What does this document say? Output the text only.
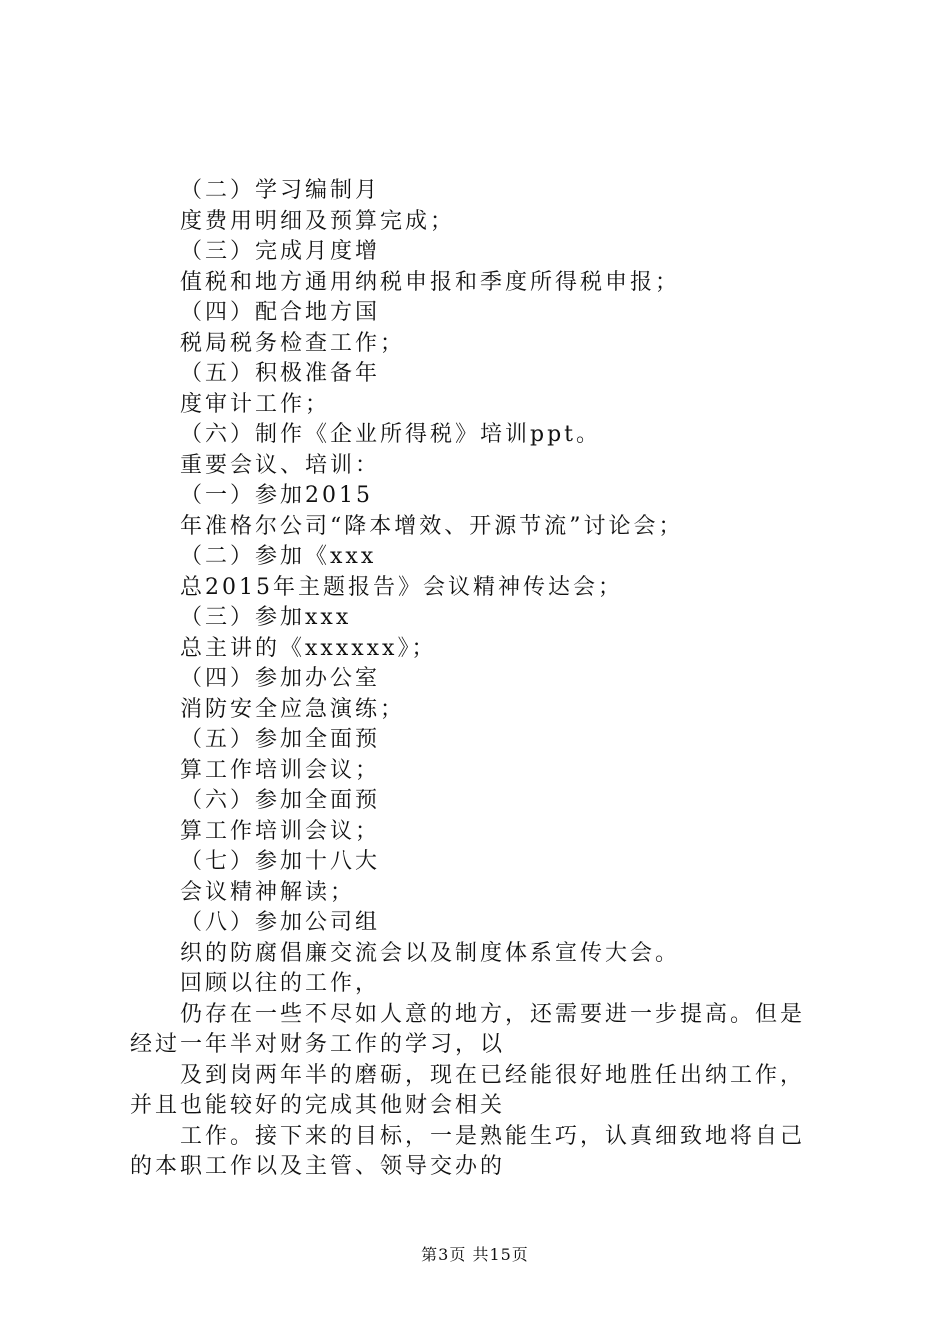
（二）学习编制月
度费用明细及预算完成；
（三）完成月度增
值税和地方通用纳税申报和季度所得税申报；
（四）配合地方国
税局税务检查工作；
（五）积极准备年
度审计工作；
（六）制作《企业所得税》培训ppt。
重要会议、培训：
（一）参加2015
年准格尔公司“降本增效、开源节流”讨论会；
（二）参加《xxx
总2015年主题报告》会议精神传达会；
（三）参加xxx
总主讲的《xxxxxx》；
（四）参加办公室
消防安全应急演练；
（五）参加全面预
算工作培训会议；
（六）参加全面预
算工作培训会议；
（七）参加十八大
会议精神解读；
（八）参加公司组
织的防腐倡廉交流会以及制度体系宣传大会。
回顾以往的工作，
仍存在一些不尽如人意的地方，还需要进一步提高。但是
经过一年半对财务工作的学习，以
及到岗两年半的磨砺，现在已经能很好地胜任出纳工作，
并且也能较好的完成其他财会相关
工作。接下来的目标，一是熟能生巧，认真细致地将自己
的本职工作以及主管、领导交办的
第3页 共15页
